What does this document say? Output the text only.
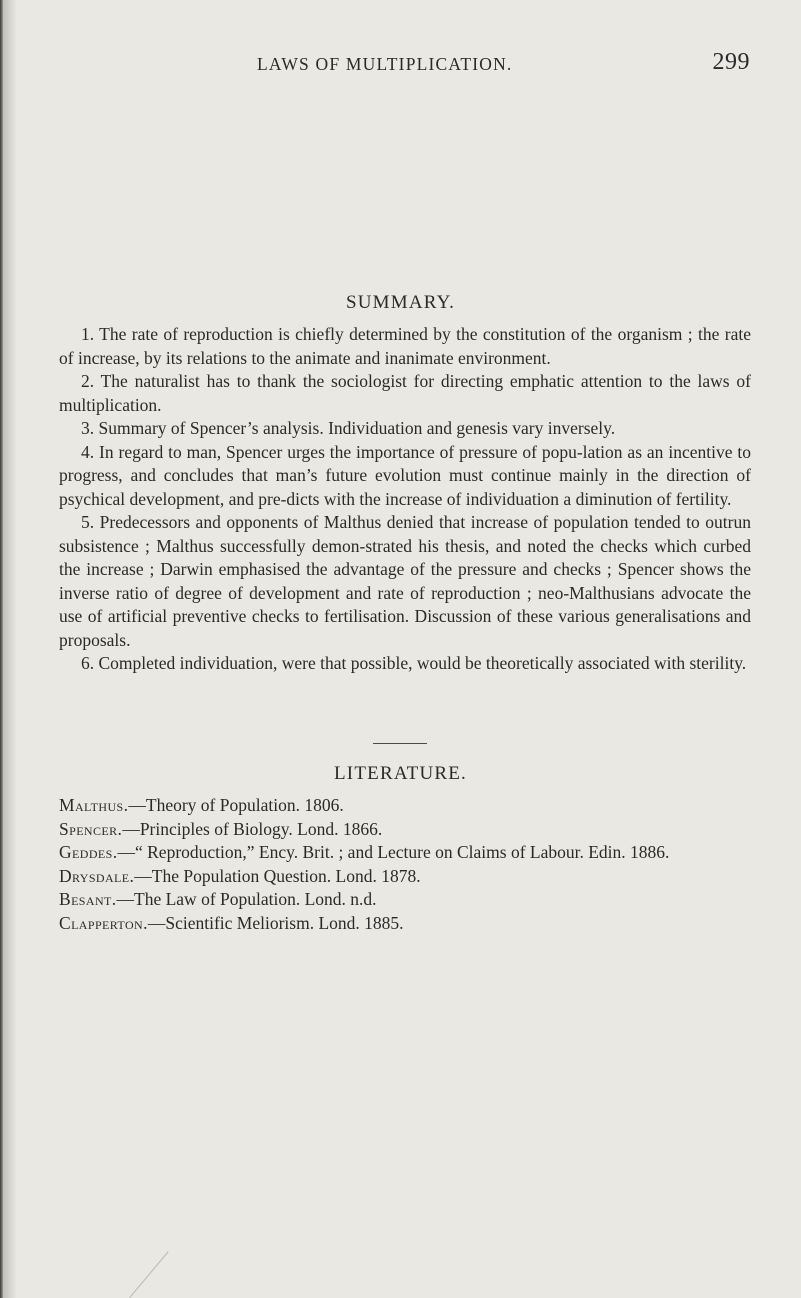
LAWS OF MULTIPLICATION.	299
SUMMARY.

1. The rate of reproduction is chiefly determined by the constitution of the organism ; the rate of increase, by its relations to the animate and inanimate environment.

2. The naturalist has to thank the sociologist for directing emphatic attention to the laws of multiplication.

3. Summary of Spencer’s analysis. Individuation and genesis vary inversely.

4. In regard to man, Spencer urges the importance of pressure of popu-lation as an incentive to progress, and concludes that man’s future evolution must continue mainly in the direction of psychical development, and pre-dicts with the increase of individuation a diminution of fertility.

5. Predecessors and opponents of Malthus denied that increase of population tended to outrun subsistence ; Malthus successfully demon-strated his thesis, and noted the checks which curbed the increase ; Darwin emphasised the advantage of the pressure and checks ; Spencer shows the inverse ratio of degree of development and rate of reproduction ; neo-Malthusians advocate the use of artificial preventive checks to fertilisation. Discussion of these various generalisations and proposals.

6. Completed individuation, were that possible, would be theoretically associated with sterility.

LITERATURE.
Malthus.—Theory of Population. 1806.
Spencer.—Principles of Biology. Lond. 1866.
Geddes.—“ Reproduction,” Ency. Brit. ; and Lecture on Claims of Labour. Edin. 1886.
Drysdale.—The Population Question. Lond. 1878.
Besant.—The Law of Population. Lond. n.d.
Clapperton.—Scientific Meliorism. Lond. 1885.
